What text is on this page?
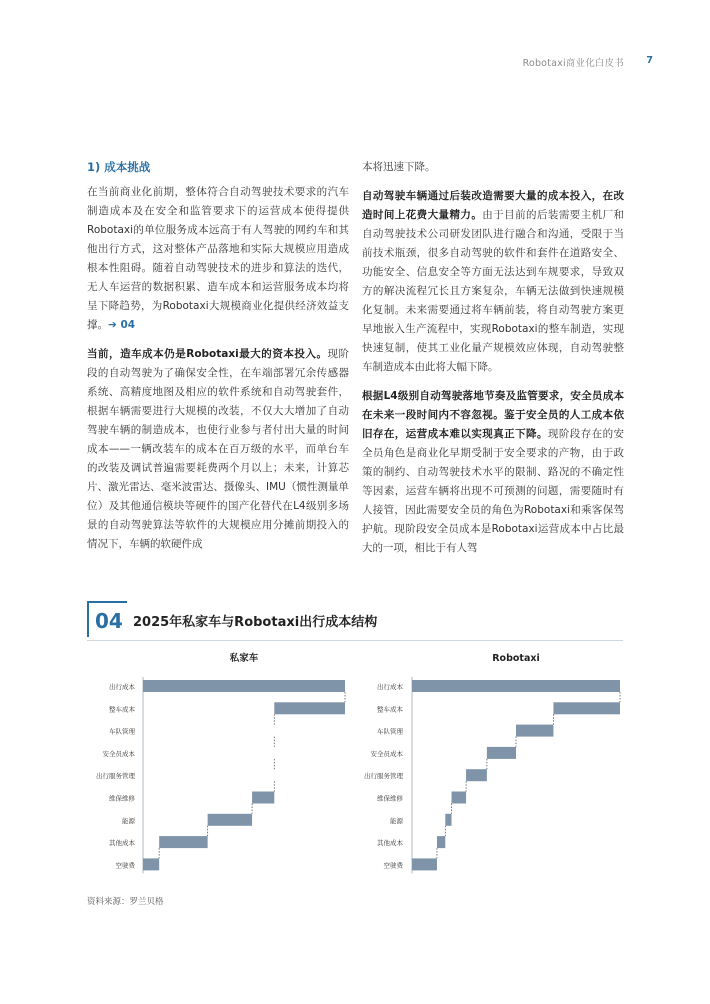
Robotaxi商业化白皮书 7
1) 成本挑战

在当前商业化前期，整体符合自动驾驶技术要求的汽车制造成本及在安全和监管要求下的运营成本使得提供Robotaxi的单位服务成本远高于有人驾驶的网约车和其他出行方式，这对整体产品落地和实际大规模应用造成根本性阻碍。随着自动驾驶技术的进步和算法的迭代，无人车运营的数据积累、造车成本和运营服务成本均将呈下降趋势，为Robotaxi大规模商业化提供经济效益支撑。➔ 04

当前，造车成本仍是Robotaxi最大的资本投入。现阶段的自动驾驶为了确保安全性，在车端部署冗余传感器系统、高精度地图及相应的软件系统和自动驾驶套件，根据车辆需要进行大规模的改装，不仅大大增加了自动驾驶车辆的制造成本，也使行业参与者付出大量的时间成本——一辆改装车的成本在百万级的水平，而单台车的改装及调试普遍需要耗费两个月以上；未来，计算芯片、激光雷达、毫米波雷达、摄像头、IMU（惯性测量单位）及其他通信模块等硬件的国产化替代在L4级别多场景的自动驾驶算法等软件的大规模应用分摊前期投入的情况下，车辆的软硬件成

本将迅速下降。

自动驾驶车辆通过后装改造需要大量的成本投入，在改造时间上花费大量精力。由于目前的后装需要主机厂和自动驾驶技术公司研发团队进行融合和沟通，受限于当前技术瓶颈，很多自动驾驶的软件和套件在道路安全、功能安全、信息安全等方面无法达到车规要求，导致双方的解决流程冗长且方案复杂，车辆无法做到快速规模化复制。未来需要通过将车辆前装，将自动驾驶方案更早地嵌入生产流程中，实现Robotaxi的整车制造，实现快速复制，使其工业化量产规模效应体现，自动驾驶整车制造成本由此将大幅下降。

根据L4级别自动驾驶落地节奏及监管要求，安全员成本在未来一段时间内不容忽视。鉴于安全员的人工成本依旧存在，运营成本难以实现真正下降。现阶段存在的安全员角色是商业化早期受制于安全要求的产物，由于政策的制约、自动驾驶技术水平的限制、路况的不确定性等因素，运营车辆将出现不可预测的问题，需要随时有人接管，因此需要安全员的角色为Robotaxi和乘客保驾护航。现阶段安全员成本是Robotaxi运营成本中占比最大的一项，相比于有人驾

04 2025年私家车与Robotaxi出行成本结构
私家车
出行成本
整车成本
车队管理
安全员成本
出行服务管理
维保维修
能源
其他成本
空驶费
Robotaxi
出行成本
整车成本
车队管理
安全员成本
出行服务管理
维保维修
能源
其他成本
空驶费
资料来源：罗兰贝格
